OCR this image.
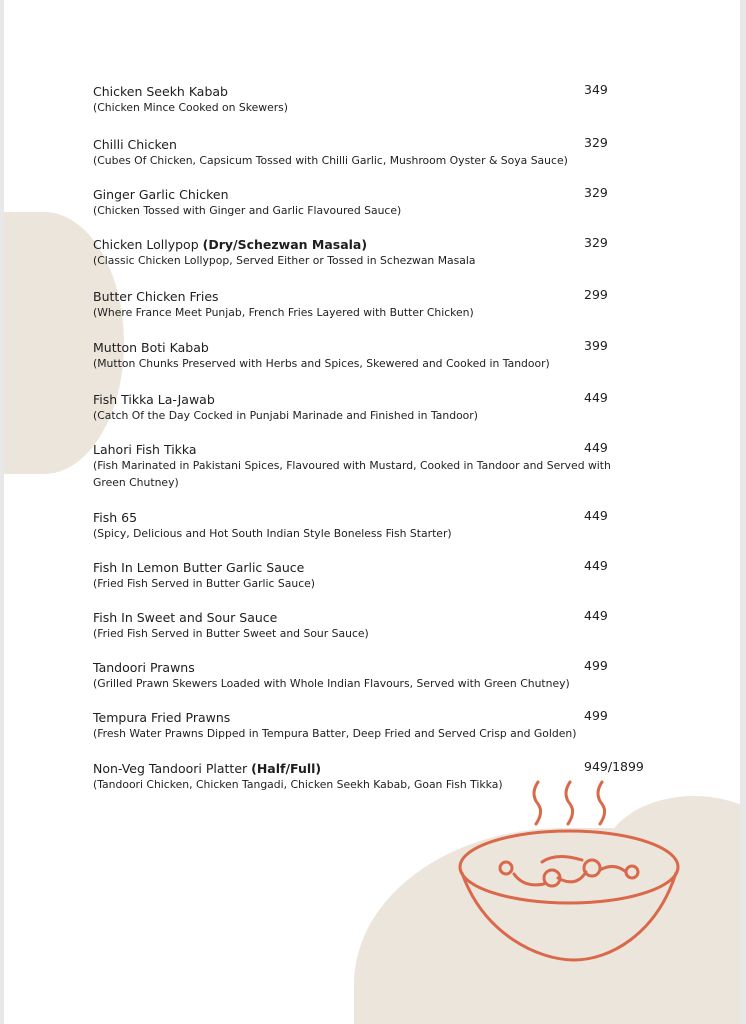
Chicken Seekh Kabab	349
(Chicken Mince Cooked on Skewers)
Chilli Chicken	329
(Cubes Of Chicken, Capsicum Tossed with Chilli Garlic, Mushroom Oyster & Soya Sauce)
Ginger Garlic Chicken	329
(Chicken Tossed with Ginger and Garlic Flavoured Sauce)
Chicken Lollypop (Dry/Schezwan Masala)	329
(Classic Chicken Lollypop, Served Either or Tossed in Schezwan Masala
Butter Chicken Fries	299
(Where France Meet Punjab, French Fries Layered with Butter Chicken)
Mutton Boti Kabab	399
(Mutton Chunks Preserved with Herbs and Spices, Skewered and Cooked in Tandoor)
Fish Tikka La-Jawab	449
(Catch Of the Day Cocked in Punjabi Marinade and Finished in Tandoor)
Lahori Fish Tikka	449
(Fish Marinated in Pakistani Spices, Flavoured with Mustard, Cooked in Tandoor and Served with Green Chutney)
Fish 65	449
(Spicy, Delicious and Hot South Indian Style Boneless Fish Starter)
Fish In Lemon Butter Garlic Sauce	449
(Fried Fish Served in Butter Garlic Sauce)
Fish In Sweet and Sour Sauce	449
(Fried Fish Served in Butter Sweet and Sour Sauce)
Tandoori Prawns	499
(Grilled Prawn Skewers Loaded with Whole Indian Flavours, Served with Green Chutney)
Tempura Fried Prawns	499
(Fresh Water Prawns Dipped in Tempura Batter, Deep Fried and Served Crisp and Golden)
Non-Veg Tandoori Platter (Half/Full)	949/1899
(Tandoori Chicken, Chicken Tangadi, Chicken Seekh Kabab, Goan Fish Tikka)
